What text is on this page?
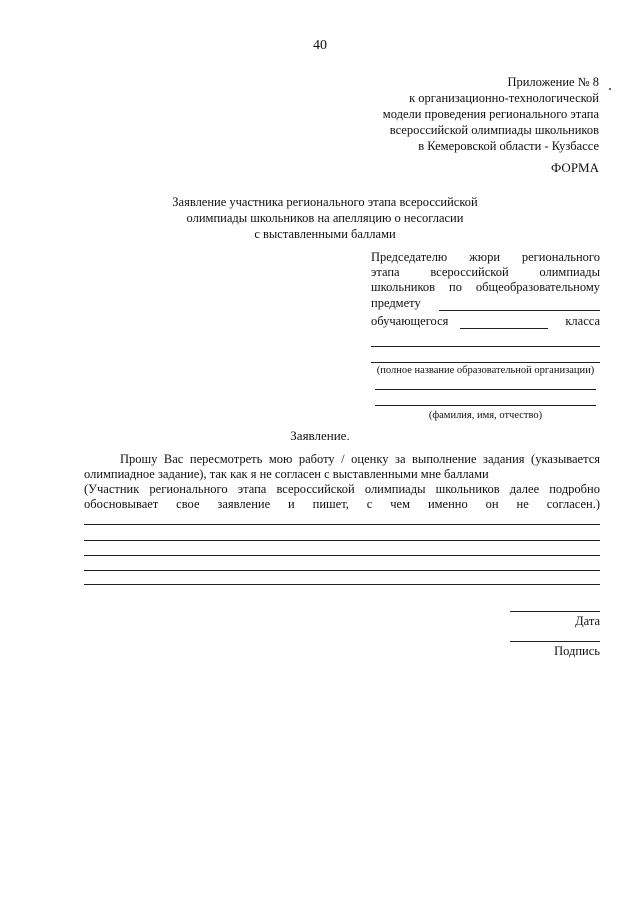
40
Приложение № 8
к организационно-технологической
модели проведения регионального этапа
всероссийской олимпиады школьников
в Кемеровской области - Кузбассе
ФОРМА
Заявление участника регионального этапа всероссийской
олимпиады школьников на апелляцию о несогласии
с выставленными баллами
Председателю жюри регионального
этапа всероссийской олимпиады
школьников по общеобразовательному
предмету
обучающегося	класса
(полное название образовательной организации)
(фамилия, имя, отчество)
Заявление.
Прошу Вас пересмотреть мою работу / оценку за выполнение задания (указывается
олимпиадное задание), так как я не согласен с выставленными мне баллами
(Участник регионального этапа всероссийской олимпиады школьников далее подробно
обосновывает свое заявление и пишет, с чем именно он не согласен.)
Дата
Подпись
